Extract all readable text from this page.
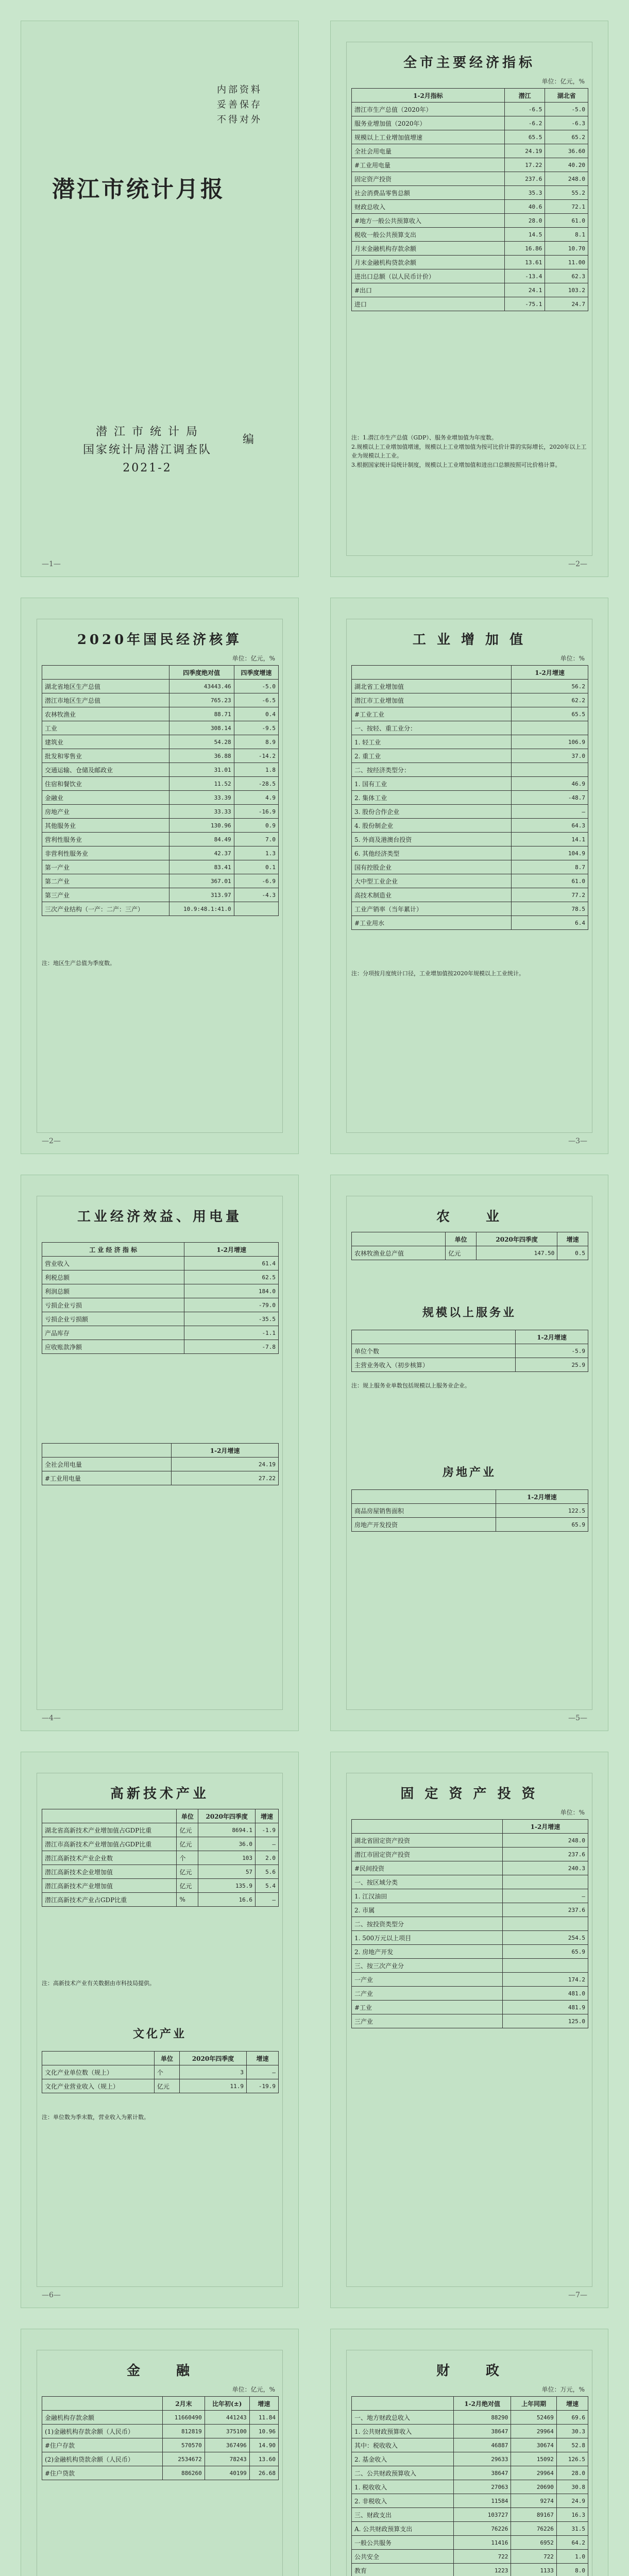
内部资料
妥善保存
不得对外
潜江市统计月报
潜 江 市 统 计 局
国家统计局潜江调查队
2021-2
编
—1—
全市主要经济指标
单位：亿元，%
1-2月指标	潜江	湖北省
潜江市生产总值（2020年）	-6.5	-5.0
服务业增加值（2020年）	-6.2	-6.3
规模以上工业增加值增速	65.5	65.2
全社会用电量	24.19	36.60
#工业用电量	17.22	40.20
固定资产投资	237.6	248.0
社会消费品零售总额	35.3	55.2
财政总收入	40.6	72.1
#地方一般公共预算收入	28.0	61.0
税收一般公共预算支出	14.5	8.1
月末金融机构存款余额	16.86	10.70
月末金融机构贷款余额	13.61	11.00
进出口总额（以人民币计价）	-13.4	62.3
#出口	24.1	103.2
进口	-75.1	24.7
注：1.潜江市生产总值（GDP）、服务业增加值为年度数。
2.规模以上工业增加值增速，规模以上工业增加值为按可比价计算的实际增长，2020年以上工业为规模以上工业。
3.根据国家统计局统计制度，规模以上工业增加值和进出口总额按照可比价格计算。
—2—
2020年国民经济核算
单位：亿元，%
	四季度绝对值	四季度增速
湖北省地区生产总值	43443.46	-5.0
潜江市地区生产总值	765.23	-6.5
农林牧渔业	88.71	0.4
工业	308.14	-9.5
建筑业	54.28	8.9
批发和零售业	36.88	-14.2
交通运输、仓储及邮政业	31.01	1.8
住宿和餐饮业	11.52	-28.5
金融业	33.39	4.9
房地产业	33.33	-16.9
其他服务业	130.96	0.9
营利性服务业	84.49	7.0
非营利性服务业	42.37	1.3
第一产业	83.41	0.1
第二产业	367.01	-6.9
第三产业	313.97	-4.3
三次产业结构（一产：二产：三产）	10.9:48.1:41.0	
注：地区生产总值为季度数。
—2—
工 业 增 加 值
单位：%
	1-2月增速
湖北省工业增加值	56.2
潜江市工业增加值	62.2
#工业工业	65.5
一、按轻、重工业分：	
1. 轻工业	106.9
2. 重工业	37.0
二、按经济类型分：	
1. 国有工业	46.9
2. 集体工业	-48.7
3. 股份合作企业	—
4. 股份制企业	64.3
5. 外商及港澳台投资	14.1
6. 其他经济类型	104.9
国有控股企业	8.7
大中型工业企业	61.0
高技术制造业	77.2
工业产销率（当年累计）	78.5
#工业用水	6.4
注：分项按月度统计口径，工业增加值按2020年规模以上工业统计。
—3—
工业经济效益、用电量
工 业 经 济 指 标	1-2月增速
营业收入	61.4
利税总额	62.5
利润总额	184.0
亏损企业亏损	-79.0
亏损企业亏损额	-35.5
产品库存	-1.1
应收账款净额	-7.8
	1-2月增速
全社会用电量	24.19
#工业用电量	27.22
—4—
农　　业
	单位	2020年四季度	增速
农林牧渔业总产值	亿元	147.50	0.5
规模以上服务业
	1-2月增速
单位个数	-5.9
主营业务收入（初步核算）	25.9
注：规上服务业单数包括规模以上服务业企业。
房地产业
	1-2月增速
商品房屋销售面积	122.5
房地产开发投资	65.9
—5—
高新技术产业
	单位	2020年四季度	增速
湖北省高新技术产业增加值占GDP比重	亿元	8694.1	-1.9
潜江市高新技术产业增加值占GDP比重	亿元	36.0	—
潜江高新技术产业企业数	个	103	2.0
潜江高新技术企业增加值	亿元	57	5.6
潜江高新技术产业增加值	亿元	135.9	5.4
潜江高新技术产业占GDP比重	%	16.6	—
注：高新技术产业有关数据由市科技局提供。
文化产业
	单位	2020年四季度	增速
文化产业单位数（规上）	个	3	—
文化产业营业收入（规上）	亿元	11.9	-19.9
注：单位数为季末数，营业收入为累计数。
—6—
固 定 资 产 投 资
单位：%
	1-2月增速
湖北省固定资产投资	248.0
潜江市固定资产投资	237.6
#民间投资	240.3
一、按区域分类	
1. 江汉油田	—
2. 市属	237.6
二、按投资类型分	
1. 500万元以上项目	254.5
2. 房地产开发	65.9
三、按三次产业分	
一产业	174.2
二产业	481.0
#工业	481.9
三产业	125.0
—7—
金　　融
单位：亿元，%
	2月末	比年初(±)	增速
金融机构存款余额	11660490	441243	11.84
(1)金融机构存款余额（人民币）	812819	375100	10.96
#住户存款	570570	367496	14.90
(2)金融机构贷款余额（人民币）	2534672	78243	13.60
#住户贷款	886260	40199	26.68
财　　政
单位：万元，%
	1-2月绝对值	上年同期	增速
一、地方财政总收入	88290	52469	69.6
1. 公共财政预算收入	38647	29964	30.3
其中：税收收入	46887	30674	52.8
2. 基金收入	29633	15092	126.5
二、公共财政预算收入	38647	29964	28.0
1. 税收收入	27063	20690	30.8
2. 非税收入	11584	9274	24.9
三、财政支出	103727	89167	16.3
A. 公共财政预算支出	76226	76226	31.5
一般公共服务	11416	6952	64.2
公共安全	722	722	1.0
教育	1223	1133	8.0
